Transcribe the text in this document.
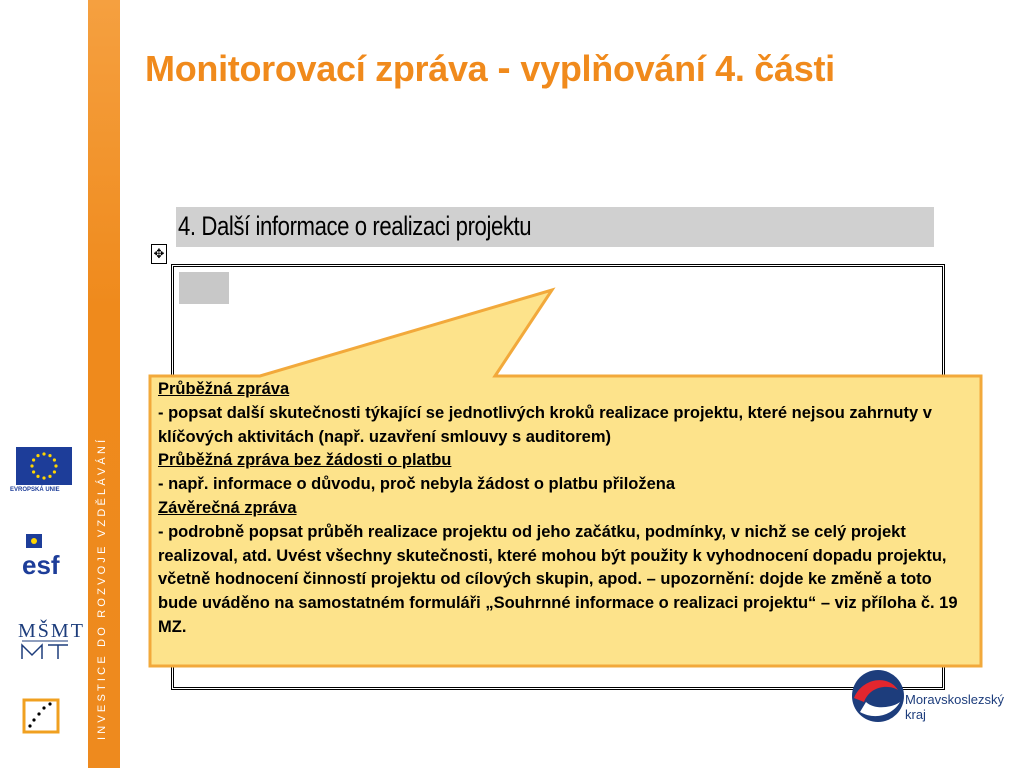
INVESTICE DO ROZVOJE VZDĚLÁVÁNÍ
Monitorovací zpráva - vyplňování 4. části
4. Další informace o realizaci projektu
✥

Průběžná zpráva

- popsat další skutečnosti týkající se jednotlivých kroků realizace projektu, které nejsou zahrnuty v klíčových aktivitách (např. uzavření smlouvy s auditorem)

Průběžná zpráva bez žádosti o platbu

- např. informace o důvodu, proč nebyla žádost o platbu přiložena

Závěrečná zpráva

- podrobně popsat průběh realizace projektu od jeho začátku, podmínky, v nichž se celý projekt realizoval, atd. Uvést všechny skutečnosti, které mohou být použity k vyhodnocení dopadu projektu, včetně hodnocení činností projektu od cílových skupin, apod. – upozornění: dojde ke změně a toto bude uváděno na samostatném formuláři „Souhrnné informace o realizaci projektu“ – viz příloha č. 19 MZ.

EVROPSKÁ UNIE
esf
MŠMT
Moravskoslezský
kraj
